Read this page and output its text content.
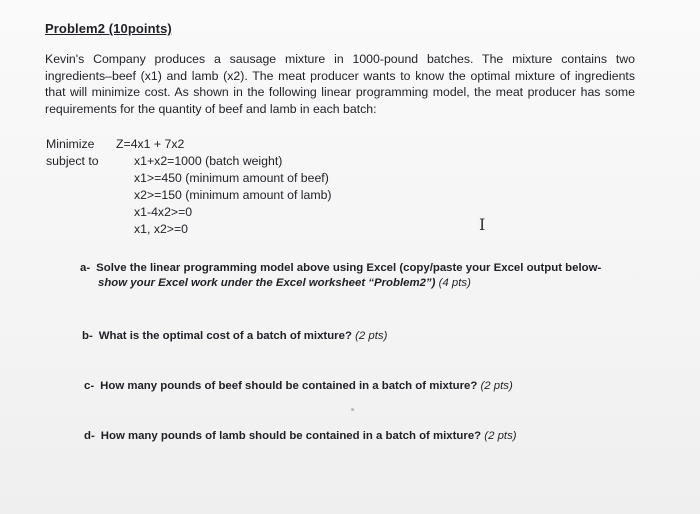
Problem2 (10points)

Kevin's Company produces a sausage mixture in 1000-pound batches. The mixture contains two ingredients–beef (x1) and lamb (x2). The meat producer wants to know the optimal mixture of ingredients that will minimize cost. As shown in the following linear programming model, the meat producer has some requirements for the quantity of beef and lamb in each batch:

Minimize Z=4x1 + 7x2
subject to	x1+x2=1000 (batch weight)
x1>=450 (minimum amount of beef)
x2>=150 (minimum amount of lamb)
x1-4x2>=0
x1, x2>=0	I
a- Solve the linear programming model above using Excel (copy/paste your Excel output below-
show your Excel work under the Excel worksheet “Problem2”) (4 pts)
b- What is the optimal cost of a batch of mixture? (2 pts)
c- How many pounds of beef should be contained in a batch of mixture? (2 pts)
d- How many pounds of lamb should be contained in a batch of mixture? (2 pts)
